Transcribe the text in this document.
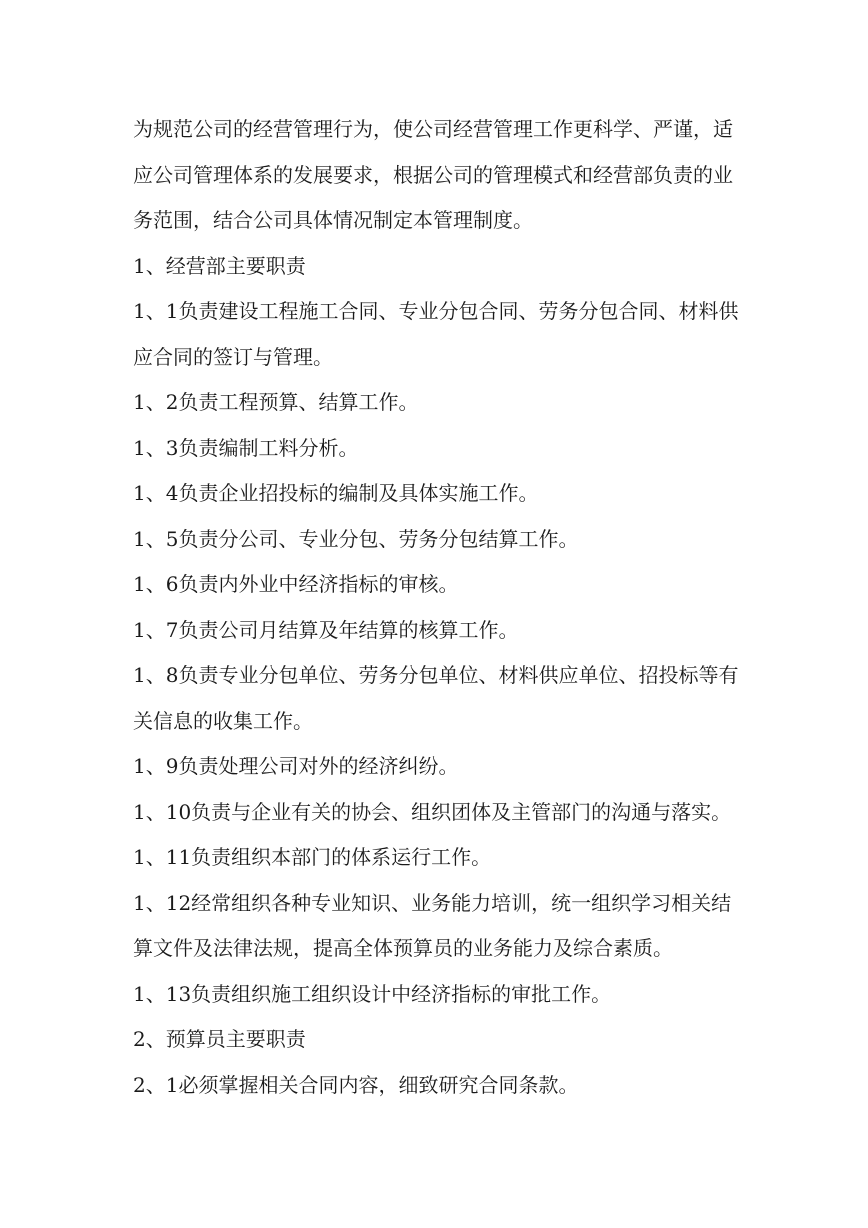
为规范公司的经营管理行为，使公司经营管理工作更科学、严谨，适应公司管理体系的发展要求，根据公司的管理模式和经营部负责的业务范围，结合公司具体情况制定本管理制度。

1、经营部主要职责

1、1负责建设工程施工合同、专业分包合同、劳务分包合同、材料供应合同的签订与管理。

1、2负责工程预算、结算工作。

1、3负责编制工料分析。

1、4负责企业招投标的编制及具体实施工作。

1、5负责分公司、专业分包、劳务分包结算工作。

1、6负责内外业中经济指标的审核。

1、7负责公司月结算及年结算的核算工作。

1、8负责专业分包单位、劳务分包单位、材料供应单位、招投标等有关信息的收集工作。

1、9负责处理公司对外的经济纠纷。

1、10负责与企业有关的协会、组织团体及主管部门的沟通与落实。

1、11负责组织本部门的体系运行工作。

1、12经常组织各种专业知识、业务能力培训，统一组织学习相关结算文件及法律法规，提高全体预算员的业务能力及综合素质。

1、13负责组织施工组织设计中经济指标的审批工作。

2、预算员主要职责

2、1必须掌握相关合同内容，细致研究合同条款。
